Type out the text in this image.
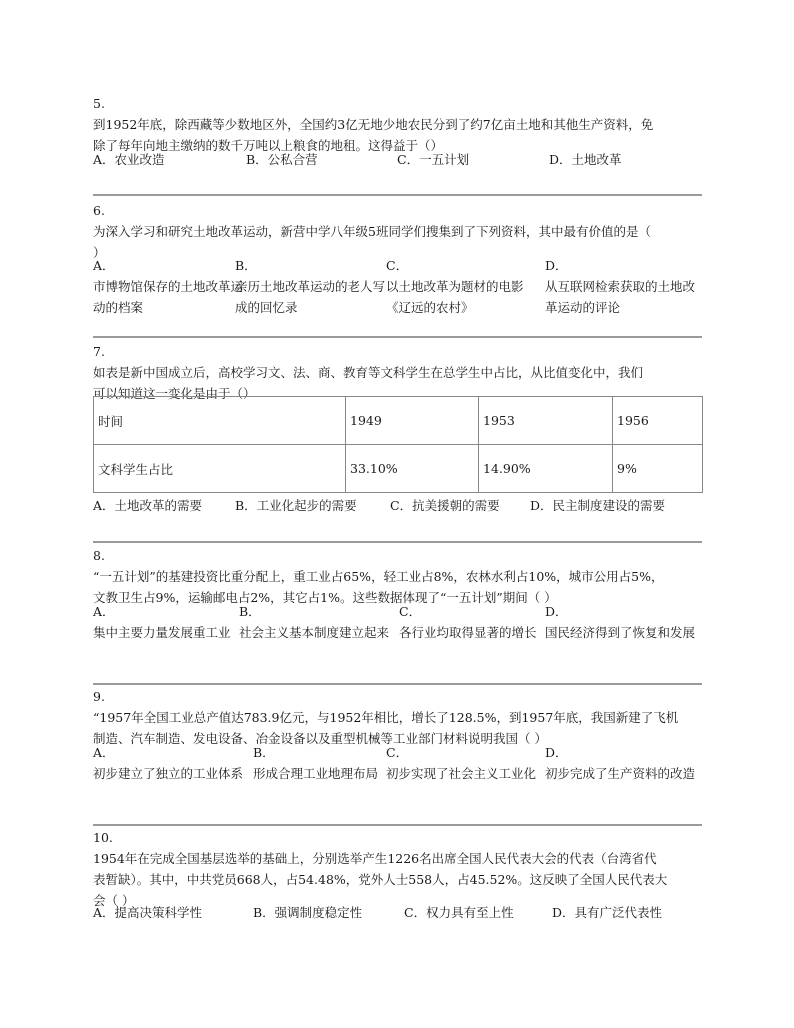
5.
到1952年底，除西藏等少数地区外，全国约3亿无地少地农民分到了约7亿亩土地和其他生产资料，免
除了每年向地主缴纳的数千万吨以上粮食的地租。这得益于（）
A．农业改造	B．公私合营	C．一五计划	D．土地改革
6.
为深入学习和研究土地改革运动，新营中学八年级5班同学们搜集到了下列资料，其中最有价值的是（
）
A．
市博物馆保存的土地改革运动的档案
B．
亲历土地改革运动的老人写成的回忆录
C．
以土地改革为题材的电影《辽远的农村》
D．
从互联网检索获取的土地改革运动的评论
7.
如表是新中国成立后，高校学习文、法、商、教育等文科学生在总学生中占比，从比值变化中，我们
可以知道这一变化是由于（）
时间	1949	1953	1956
文科学生占比	33.10%	14.90%	9%
A．土地改革的需要	B．工业化起步的需要	C．抗美援朝的需要 D．民主制度建设的需要
8.
“一五计划”的基建投资比重分配上，重工业占65%，轻工业占8%，农林水利占10%，城市公用占5%，
文教卫生占9%，运输邮电占2%，其它占1%。这些数据体现了“一五计划”期间（ ）
A．
集中主要力量发展重工业
B．
社会主义基本制度建立起来
C．
各行业均取得显著的增长
D．
国民经济得到了恢复和发展
9.
“1957年全国工业总产值达783.9亿元，与1952年相比，增长了128.5%，到1957年底，我国新建了飞机
制造、汽车制造、发电设备、冶金设备以及重型机械等工业部门材料说明我国（ ）
A．
初步建立了独立的工业体系
B．
形成合理工业地理布局
C．
初步实现了社会主义工业化
D．
初步完成了生产资料的改造
10.
1954年在完成全国基层选举的基础上，分别选举产生1226名出席全国人民代表大会的代表（台湾省代
表暂缺）。其中，中共党员668人，占54.48%，党外人士558人，占45.52%。这反映了全国人民代表大
会（ ）
A．提高决策科学性	B．强调制度稳定性	C．权力具有至上性	D．具有广泛代表性
